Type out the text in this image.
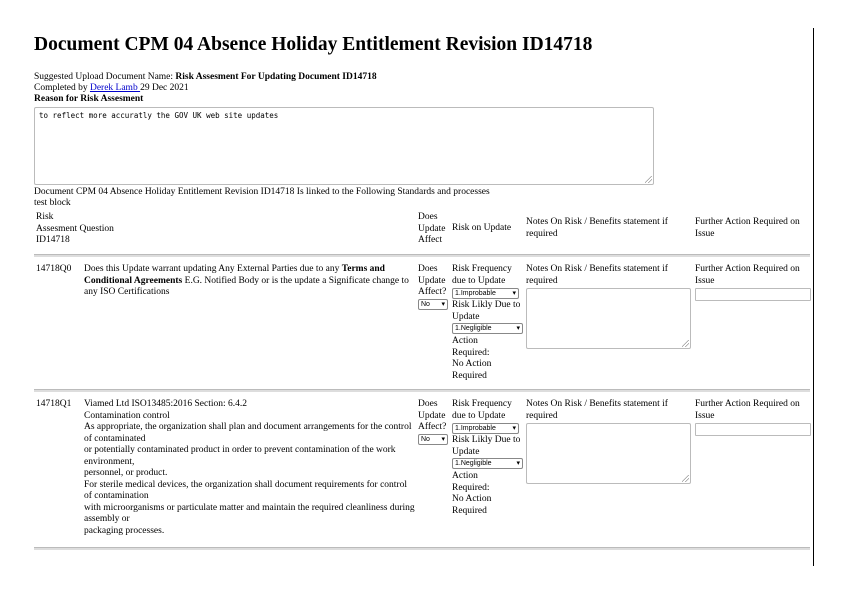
Document CPM 04 Absence Holiday Entitlement Revision ID14718
Suggested Upload Document Name: Risk Assesment For Updating Document ID14718
Completed by Derek Lamb 29 Dec 2021
Reason for Risk Assesment
to reflect more accuratly the GOV UK web site updates
Document CPM 04 Absence Holiday Entitlement Revision ID14718 Is linked to the Following Standards and processes
test block
Risk
Assesment Question
ID14718
Does Update Affect
Risk on Update
Notes On Risk / Benefits statement if required
Further Action Required on Issue
14718Q0 Does this Update warrant updating Any External Parties due to any Terms and Conditional Agreements E.G. Notified Body or is the update a Significate change to any ISO Certifications
Does Update Affect?
No ▾
Risk Frequency due to Update
1.Improbable ▾
Risk Likly Due to Update
1.Negligible	▾
Action Required:
No Action Required
Notes On Risk / Benefits statement if required
Further Action Required on Issue
14718Q1 Viamed Ltd ISO13485:2016 Section: 6.4.2
Contamination control
As appropriate, the organization shall plan and document arrangements for the control of contaminated
or potentially contaminated product in order to prevent contamination of the work environment,
personnel, or product.
For sterile medical devices, the organization shall document requirements for control of contamination
with microorganisms or particulate matter and maintain the required cleanliness during assembly or
packaging processes.
Does Update Affect?
No ▾
Risk Frequency due to Update
1.Improbable ▾
Risk Likly Due to Update
1.Negligible	▾
Action Required:
No Action Required
Notes On Risk / Benefits statement if required
Further Action Required on Issue
